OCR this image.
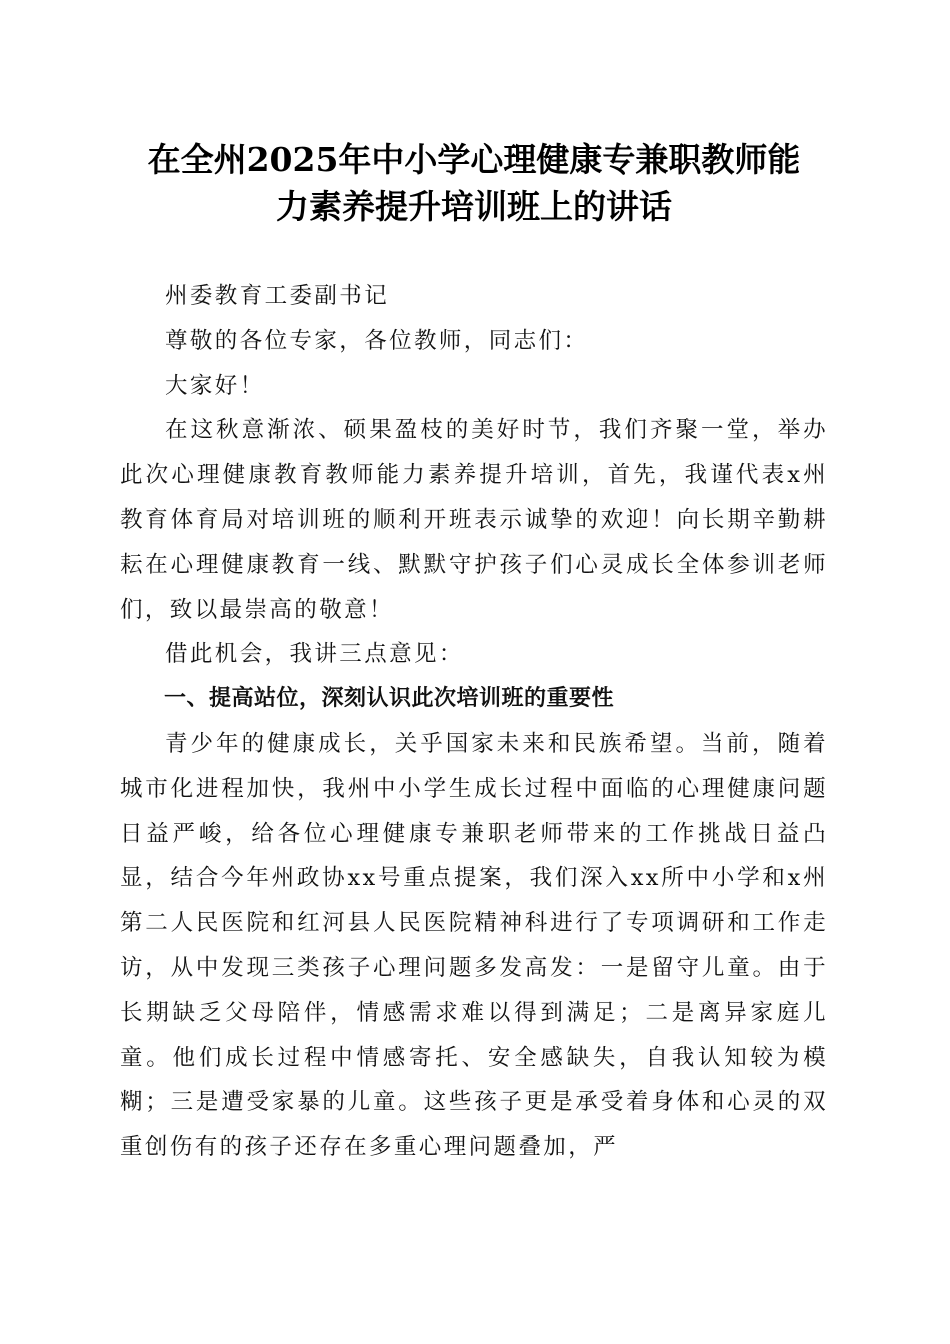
在全州2025年中小学心理健康专兼职教师能
力素养提升培训班上的讲话

州委教育工委副书记

尊敬的各位专家，各位教师，同志们：

大家好！

在这秋意渐浓、硕果盈枝的美好时节，我们齐聚一堂，举办此次心理健康教育教师能力素养提升培训，首先，我谨代表x州教育体育局对培训班的顺利开班表示诚挚的欢迎！向长期辛勤耕耘在心理健康教育一线、默默守护孩子们心灵成长全体参训老师们，致以最崇高的敬意！

借此机会，我讲三点意见：

一、提高站位，深刻认识此次培训班的重要性

青少年的健康成长，关乎国家未来和民族希望。当前，随着城市化进程加快，我州中小学生成长过程中面临的心理健康问题日益严峻，给各位心理健康专兼职老师带来的工作挑战日益凸显，结合今年州政协xx号重点提案，我们深入xx所中小学和x州第二人民医院和红河县人民医院精神科进行了专项调研和工作走访，从中发现三类孩子心理问题多发高发：一是留守儿童。由于长期缺乏父母陪伴，情感需求难以得到满足；二是离异家庭儿童。他们成长过程中情感寄托、安全感缺失，自我认知较为模糊；三是遭受家暴的儿童。这些孩子更是承受着身体和心灵的双重创伤有的孩子还存在多重心理问题叠加，严
